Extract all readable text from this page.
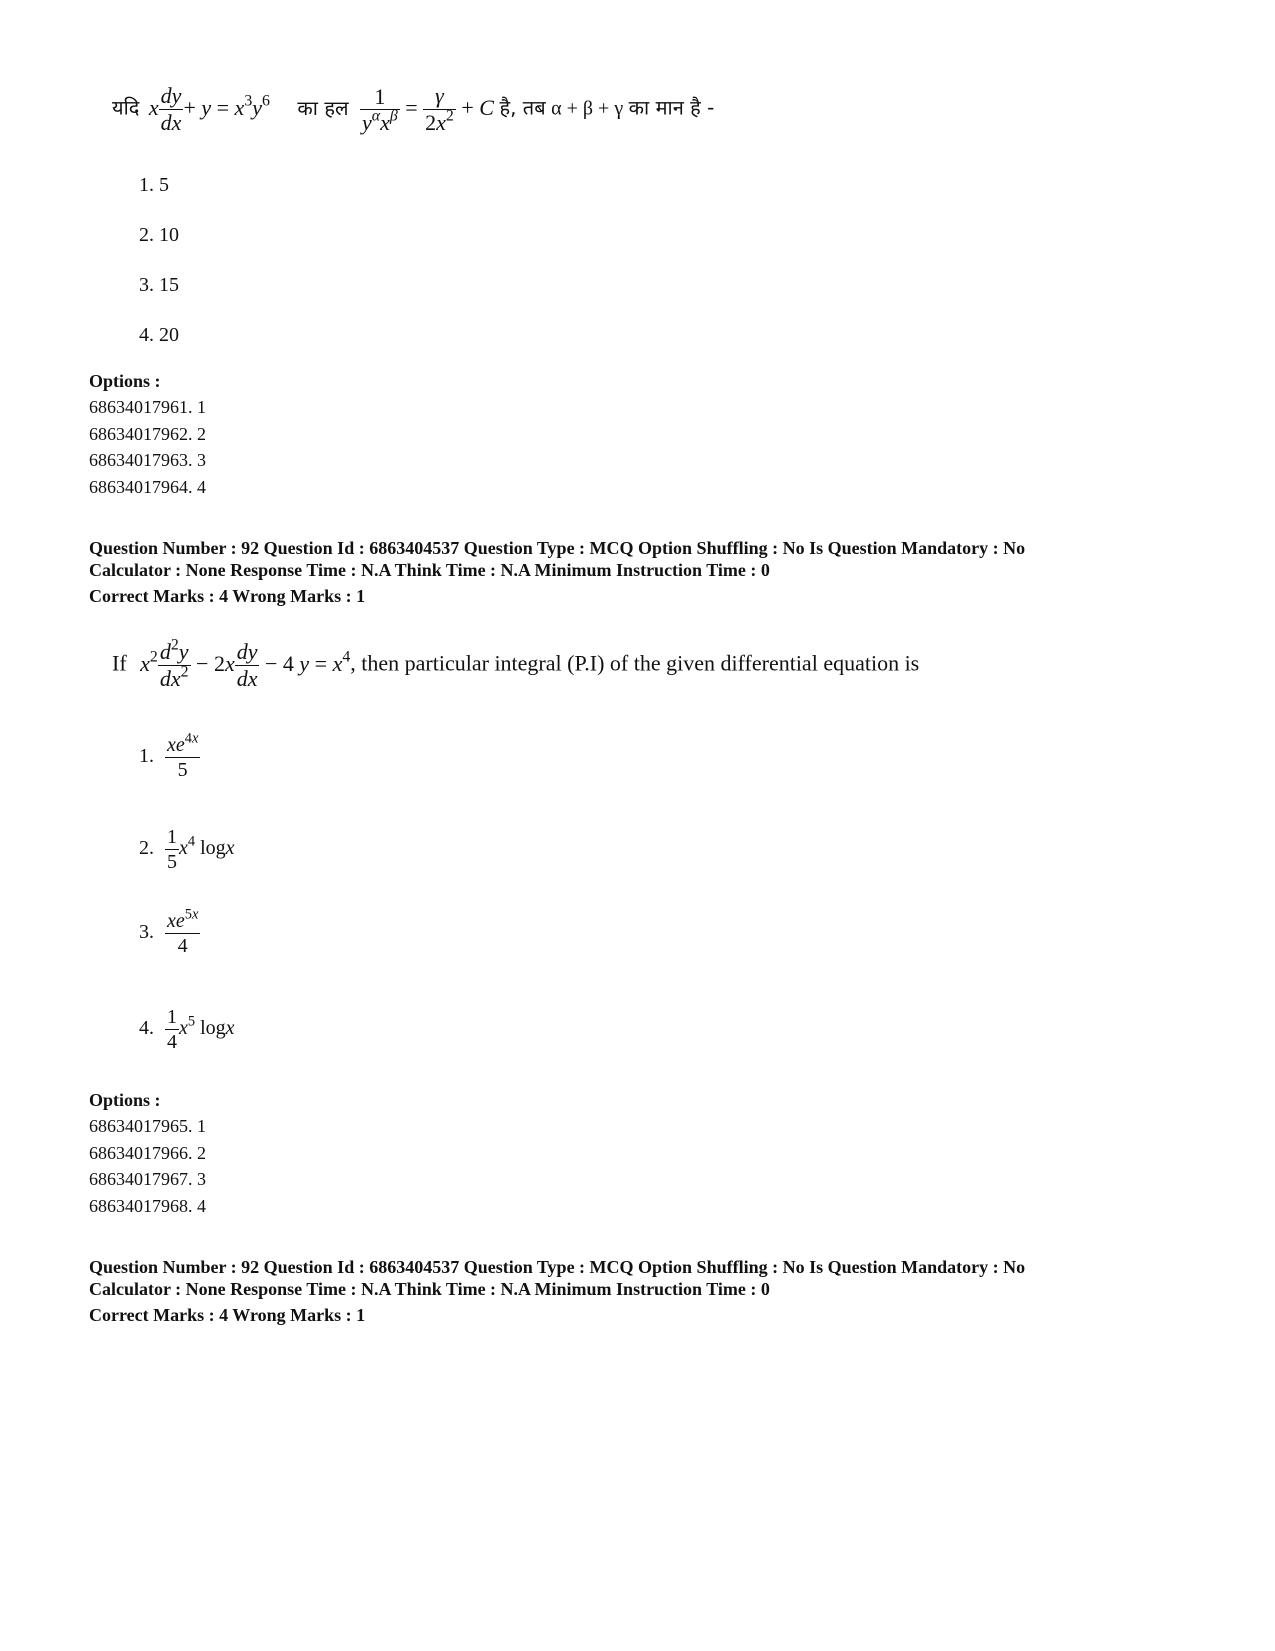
यदि x $\frac{dy}{dx} + y = x^3y^6$ का हल $\frac{1}{y^\alpha x^\beta} = \frac{\gamma}{2x^2} + C$ है, तब α + β + γ का मान है -
1. 5
2. 10
3. 15
4. 20
Options :
68634017961. 1
68634017962. 2
68634017963. 3
68634017964. 4
Question Number : 92 Question Id : 6863404537 Question Type : MCQ Option Shuffling : No Is Question Mandatory : No
Calculator : None Response Time : N.A Think Time : N.A Minimum Instruction Time : 0
Correct Marks : 4 Wrong Marks : 1
If $x^2 \frac{d^2y}{dx^2} - 2x \frac{dy}{dx} - 4$ $y = x^4$, then particular integral (P.I) of the given differential equation is
1. $\frac{xe^{4x}}{5}$
2. $\frac{1}{5} x^4$ logx
3. $\frac{xe^{5x}}{4}$
4. $\frac{1}{4} x^5$ logx
Options :
68634017965. 1
68634017966. 2
68634017967. 3
68634017968. 4
Question Number : 92 Question Id : 6863404537 Question Type : MCQ Option Shuffling : No Is Question Mandatory : No
Calculator : None Response Time : N.A Think Time : N.A Minimum Instruction Time : 0
Correct Marks : 4 Wrong Marks : 1
